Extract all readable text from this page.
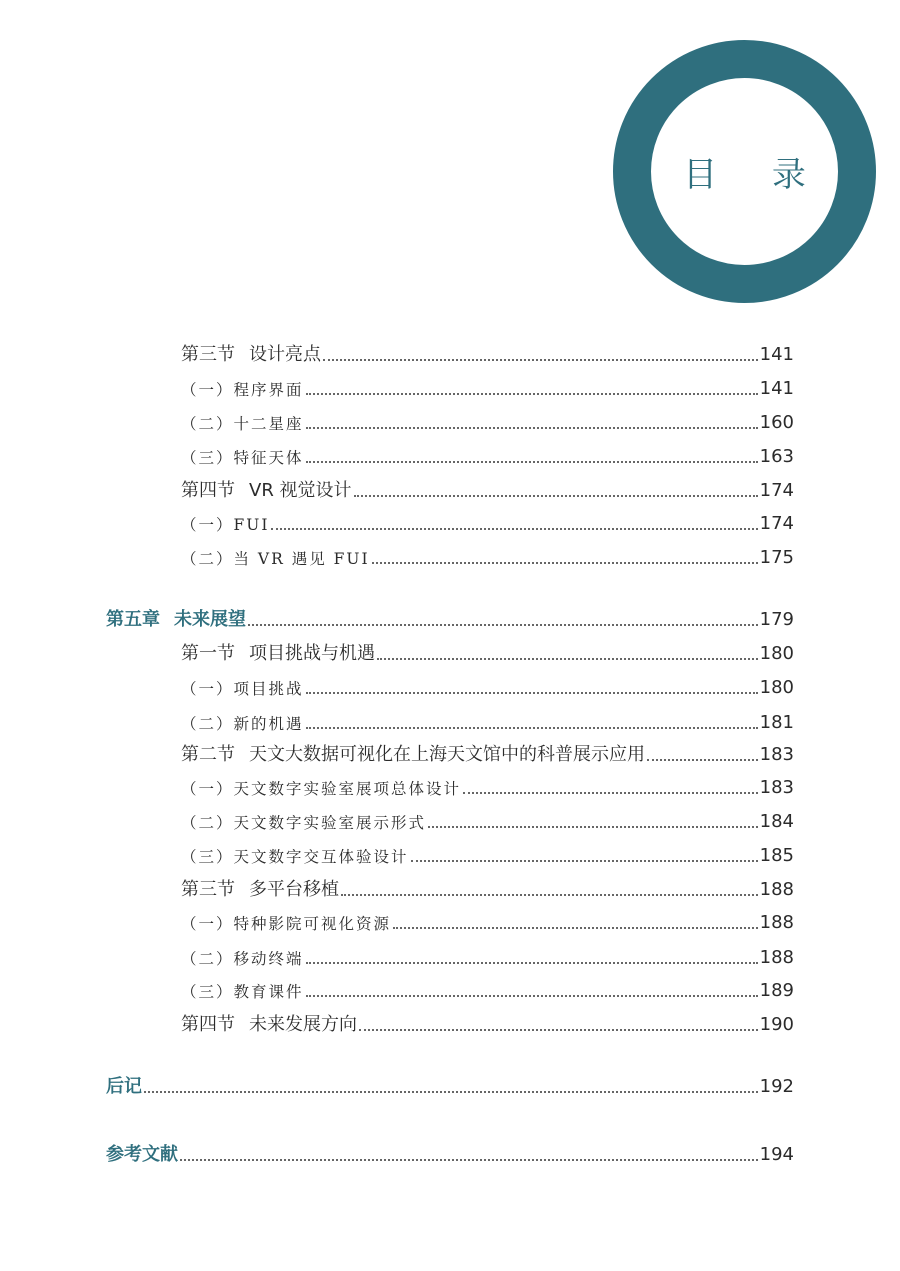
目 录
第三节 设计亮点	141
（一）程序界面	141
（二）十二星座	160
（三）特征天体	163
第四节 VR 视觉设计	174
（一）FUI	174
（二）当 VR 遇见 FUI	175
第五章 未来展望	179
第一节 项目挑战与机遇	180
（一）项目挑战	180
（二）新的机遇	181
第二节 天文大数据可视化在上海天文馆中的科普展示应用	183
（一）天文数字实验室展项总体设计	183
（二）天文数字实验室展示形式	184
（三）天文数字交互体验设计	185
第三节 多平台移植	188
（一）特种影院可视化资源	188
（二）移动终端	188
（三）教育课件	189
第四节 未来发展方向	190
后记	192
参考文献	194
